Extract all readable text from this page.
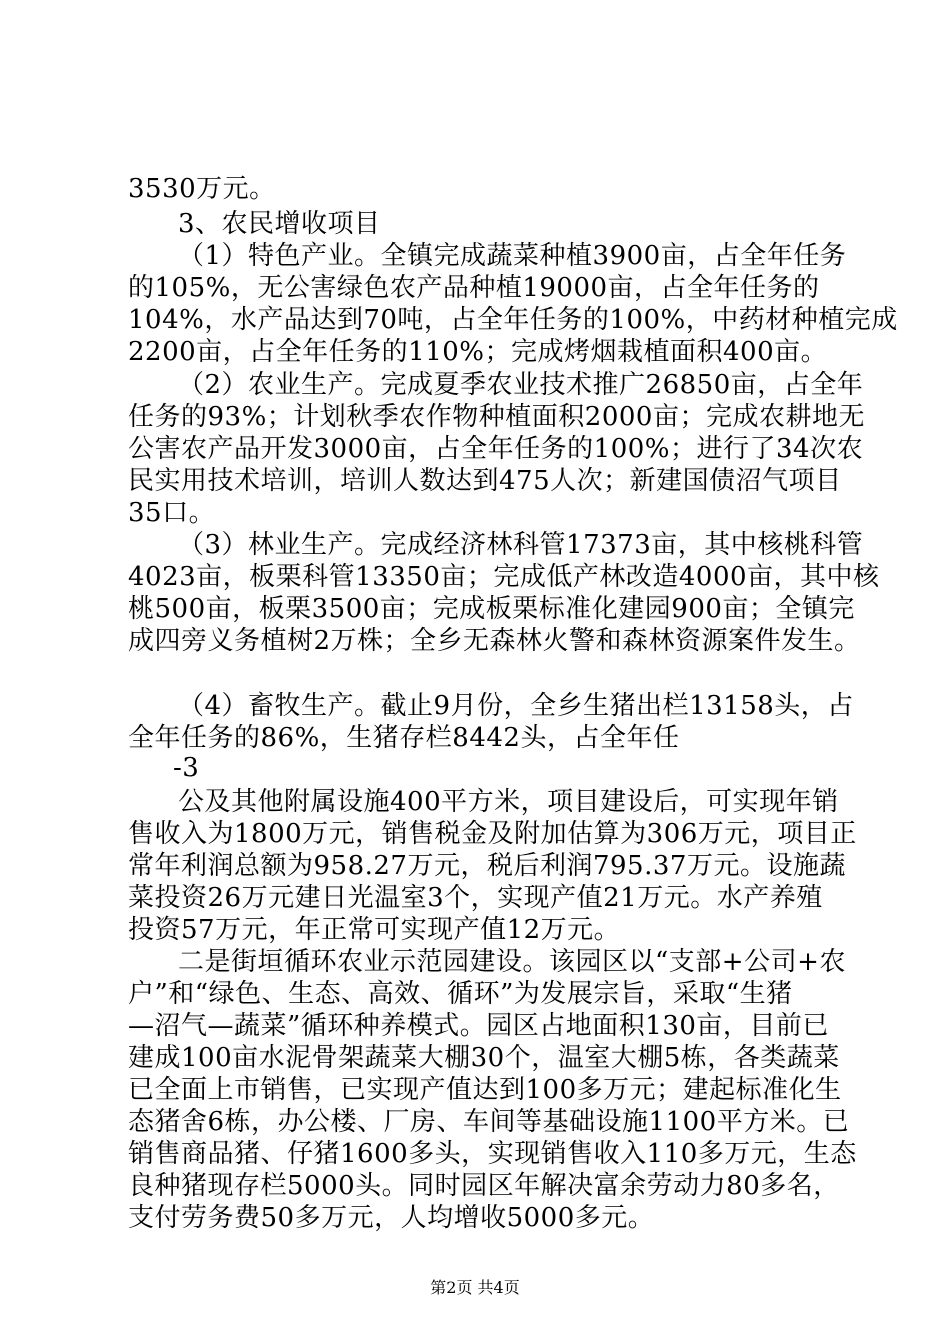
3530万元。
3、农民增收项目
（1）特色产业。全镇完成蔬菜种植3900亩，占全年任务
的105%，无公害绿色农产品种植19000亩，占全年任务的
104%，水产品达到70吨，占全年任务的100%，中药材种植完成
2200亩，占全年任务的110%；完成烤烟栽植面积400亩。
（2）农业生产。完成夏季农业技术推广26850亩，占全年
任务的93%；计划秋季农作物种植面积2000亩；完成农耕地无
公害农产品开发3000亩，占全年任务的100%；进行了34次农
民实用技术培训，培训人数达到475人次；新建国债沼气项目
35口。
（3）林业生产。完成经济林科管17373亩，其中核桃科管
4023亩，板栗科管13350亩；完成低产林改造4000亩，其中核
桃500亩，板栗3500亩；完成板栗标准化建园900亩；全镇完
成四旁义务植树2万株；全乡无森林火警和森林资源案件发生。
（4）畜牧生产。截止9月份，全乡生猪出栏13158头，占
全年任务的86%，生猪存栏8442头，占全年任
-3
公及其他附属设施400平方米，项目建设后，可实现年销
售收入为1800万元，销售税金及附加估算为306万元，项目正
常年利润总额为958.27万元，税后利润795.37万元。设施蔬
菜投资26万元建日光温室3个，实现产值21万元。水产养殖
投资57万元，年正常可实现产值12万元。
二是街垣循环农业示范园建设。该园区以“支部+公司+农
户”和“绿色、生态、高效、循环”为发展宗旨，采取“生猪
—沼气—蔬菜”循环种养模式。园区占地面积130亩，目前已
建成100亩水泥骨架蔬菜大棚30个，温室大棚5栋，各类蔬菜
已全面上市销售，已实现产值达到100多万元；建起标准化生
态猪舍6栋，办公楼、厂房、车间等基础设施1100平方米。已
销售商品猪、仔猪1600多头，实现销售收入110多万元，生态
良种猪现存栏5000头。同时园区年解决富余劳动力80多名，
支付劳务费50多万元，人均增收5000多元。
第2页 共4页
